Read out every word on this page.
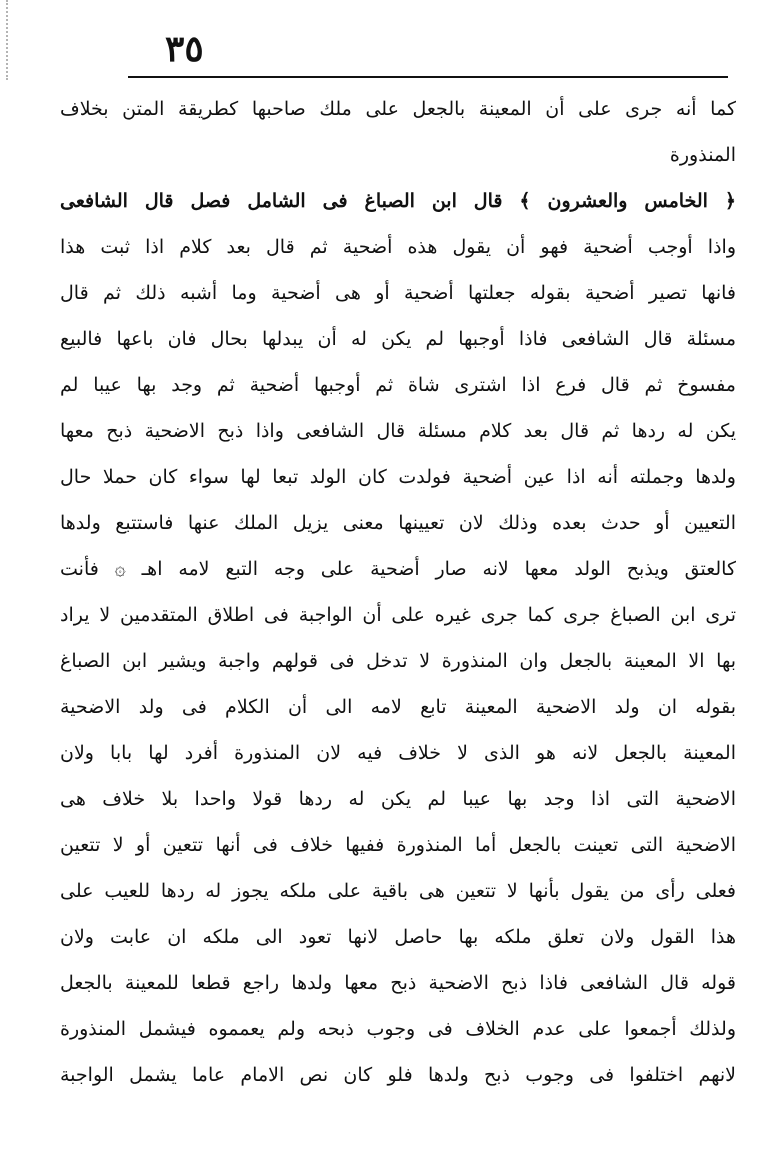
٣٥
كما أنه جرى على أن المعينة بالجعل على ملك صاحبها كطريقة المتن بخلاف
المنذورة
﴿ الخامس والعشرون ﴾ قال ابن الصباغ فى الشامل فصل قال الشافعى
واذا أوجب أضحية فهو أن يقول هذه أضحية ثم قال بعد كلام اذا ثبت هذا
فانها تصير أضحية بقوله جعلتها أضحية أو هى أضحية وما أشبه ذلك ثم قال
مسئلة قال الشافعى فاذا أوجبها لم يكن له أن يبدلها بحال فان باعها فالبيع
مفسوخ ثم قال فرع اذا اشترى شاة ثم أوجبها أضحية ثم وجد بها عيبا لم
يكن له ردها ثم قال بعد كلام مسئلة قال الشافعى واذا ذبح الاضحية ذبح معها
ولدها وجملته أنه اذا عين أضحية فولدت كان الولد تبعا لها سواء كان حملا حال
التعيين أو حدث بعده وذلك لان تعيينها معنى يزيل الملك عنها فاستتبع ولدها
كالعتق ويذبح الولد معها لانه صار أضحية على وجه التبع لامه اهـ ۞ فأنت
ترى ابن الصباغ جرى كما جرى غيره على أن الواجبة فى اطلاق المتقدمين لا يراد
بها الا المعينة بالجعل وان المنذورة لا تدخل فى قولهم واجبة ويشير ابن الصباغ
بقوله ان ولد الاضحية المعينة تابع لامه الى أن الكلام فى ولد الاضحية
المعينة بالجعل لانه هو الذى لا خلاف فيه لان المنذورة أفرد لها بابا ولان
الاضحية التى اذا وجد بها عيبا لم يكن له ردها قولا واحدا بلا خلاف هى
الاضحية التى تعينت بالجعل أما المنذورة ففيها خلاف فى أنها تتعين أو لا تتعين
فعلى رأى من يقول بأنها لا تتعين هى باقية على ملكه يجوز له ردها للعيب على
هذا القول ولان تعلق ملكه بها حاصل لانها تعود الى ملكه ان عابت ولان
قوله قال الشافعى فاذا ذبح الاضحية ذبح معها ولدها راجع قطعا للمعينة بالجعل
ولذلك أجمعوا على عدم الخلاف فى وجوب ذبحه ولم يعمموه فيشمل المنذورة
لانهم اختلفوا فى وجوب ذبح ولدها فلو كان نص الامام عاما يشمل الواجبة
